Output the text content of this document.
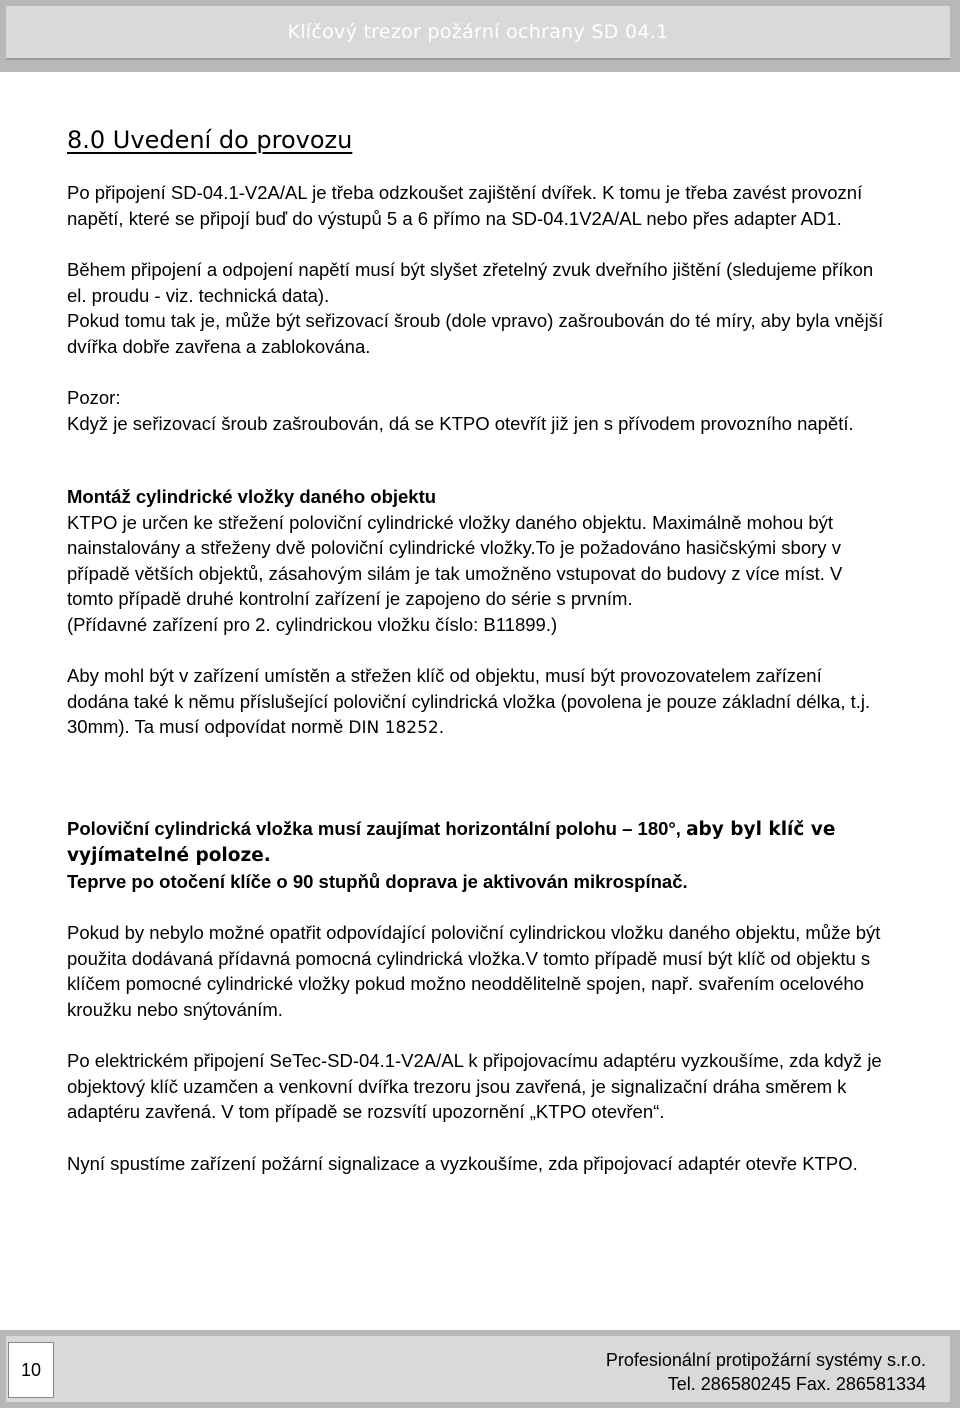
Klíčový trezor požární ochrany SD 04.1
8.0 Uvedení do provozu

Po připojení SD-04.1-V2A/AL je třeba odzkoušet zajištění dvířek. K tomu je třeba zavést provozní napětí, které se připojí buď do výstupů 5 a 6 přímo na SD-04.1V2A/AL nebo přes adapter AD1.

Během připojení a odpojení napětí musí být slyšet zřetelný zvuk dveřního jištění (sledujeme příkon el. proudu - viz. technická data).

Pokud tomu tak je, může být seřizovací šroub (dole vpravo) zašroubován do té míry, aby byla vnější dvířka dobře zavřena a zablokována.

Pozor:

Když je seřizovací šroub zašroubován, dá se KTPO otevřít již jen s přívodem provozního napětí.

Montáž cylindrické vložky daného objektu

KTPO je určen ke střežení poloviční cylindrické vložky daného objektu. Maximálně mohou být nainstalovány a střeženy dvě poloviční cylindrické vložky.To je požadováno hasičskými sbory v případě větších objektů, zásahovým silám je tak umožněno vstupovat do budovy z více míst. V tomto případě druhé kontrolní zařízení je zapojeno do série s prvním.

(Přídavné zařízení pro 2. cylindrickou vložku číslo: B11899.)

Aby mohl být v zařízení umístěn a střežen klíč od objektu, musí být provozovatelem zařízení dodána také k němu příslušející poloviční cylindrická vložka (povolena je pouze základní délka, t.j. 30mm). Ta musí odpovídat normě DIN 18252.

Poloviční cylindrická vložka musí zaujímat horizontální polohu – 180°, aby byl klíč ve vyjímatelné poloze.

Teprve po otočení klíče o 90 stupňů doprava je aktivován mikrospínač.

Pokud by nebylo možné opatřit odpovídající poloviční cylindrickou vložku daného objektu, může být použita dodávaná přídavná pomocná cylindrická vložka.V tomto případě musí být klíč od objektu s klíčem pomocné cylindrické vložky pokud možno neoddělitelně spojen, např. svařením ocelového kroužku nebo snýtováním.

Po elektrickém připojení SeTec-SD-04.1-V2A/AL k připojovacímu adaptéru vyzkoušíme, zda když je objektový klíč uzamčen a venkovní dvířka trezoru jsou zavřená, je signalizační dráha směrem k adaptéru zavřená. V tom případě se rozsvítí upozornění „KTPO otevřen“.

Nyní spustíme zařízení požární signalizace a vyzkoušíme, zda připojovací adaptér otevře KTPO.

10	Profesionální protipožární systémy s.r.o.
Tel. 286580245 Fax. 286581334
